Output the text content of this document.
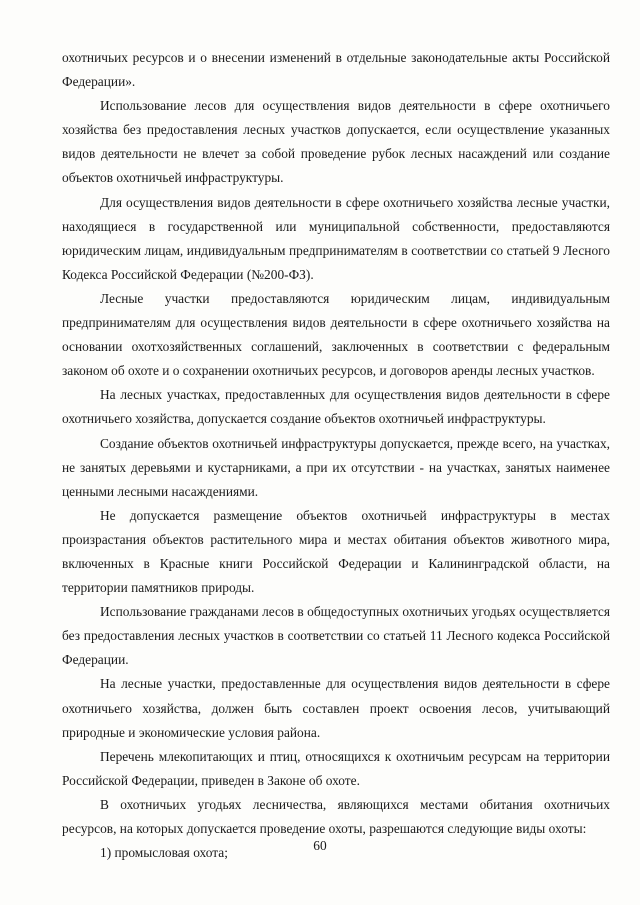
охотничьих ресурсов и о внесении изменений в отдельные законодательные акты Российской Федерации».

Использование лесов для осуществления видов деятельности в сфере охотничьего хозяйства без предоставления лесных участков допускается, если осуществление указанных видов деятельности не влечет за собой проведение рубок лесных насаждений или создание объектов охотничьей инфраструктуры.

Для осуществления видов деятельности в сфере охотничьего хозяйства лесные участки, находящиеся в государственной или муниципальной собственности, предоставляются юридическим лицам, индивидуальным предпринимателям в соответствии со статьей 9 Лесного Кодекса Российской Федерации (№200-ФЗ).

Лесные участки предоставляются юридическим лицам, индивидуальным предпринимателям для осуществления видов деятельности в сфере охотничьего хозяйства на основании охотхозяйственных соглашений, заключенных в соответствии с федеральным законом об охоте и о сохранении охотничьих ресурсов, и договоров аренды лесных участков.

На лесных участках, предоставленных для осуществления видов деятельности в сфере охотничьего хозяйства, допускается создание объектов охотничьей инфраструктуры.

Создание объектов охотничьей инфраструктуры допускается, прежде всего, на участках, не занятых деревьями и кустарниками, а при их отсутствии - на участках, занятых наименее ценными лесными насаждениями.

Не допускается размещение объектов охотничьей инфраструктуры в местах произрастания объектов растительного мира и местах обитания объектов животного мира, включенных в Красные книги Российской Федерации и Калининградской области, на территории памятников природы.

Использование гражданами лесов в общедоступных охотничьих угодьях осуществляется без предоставления лесных участков в соответствии со статьей 11 Лесного кодекса Российской Федерации.

На лесные участки, предоставленные для осуществления видов деятельности в сфере охотничьего хозяйства, должен быть составлен проект освоения лесов, учитывающий природные и экономические условия района.

Перечень млекопитающих и птиц, относящихся к охотничьим ресурсам на территории Российской Федерации, приведен в Законе об охоте.

В охотничьих угодьях лесничества, являющихся местами обитания охотничьих ресурсов, на которых допускается проведение охоты, разрешаются следующие виды охоты:

1) промысловая охота;	60
